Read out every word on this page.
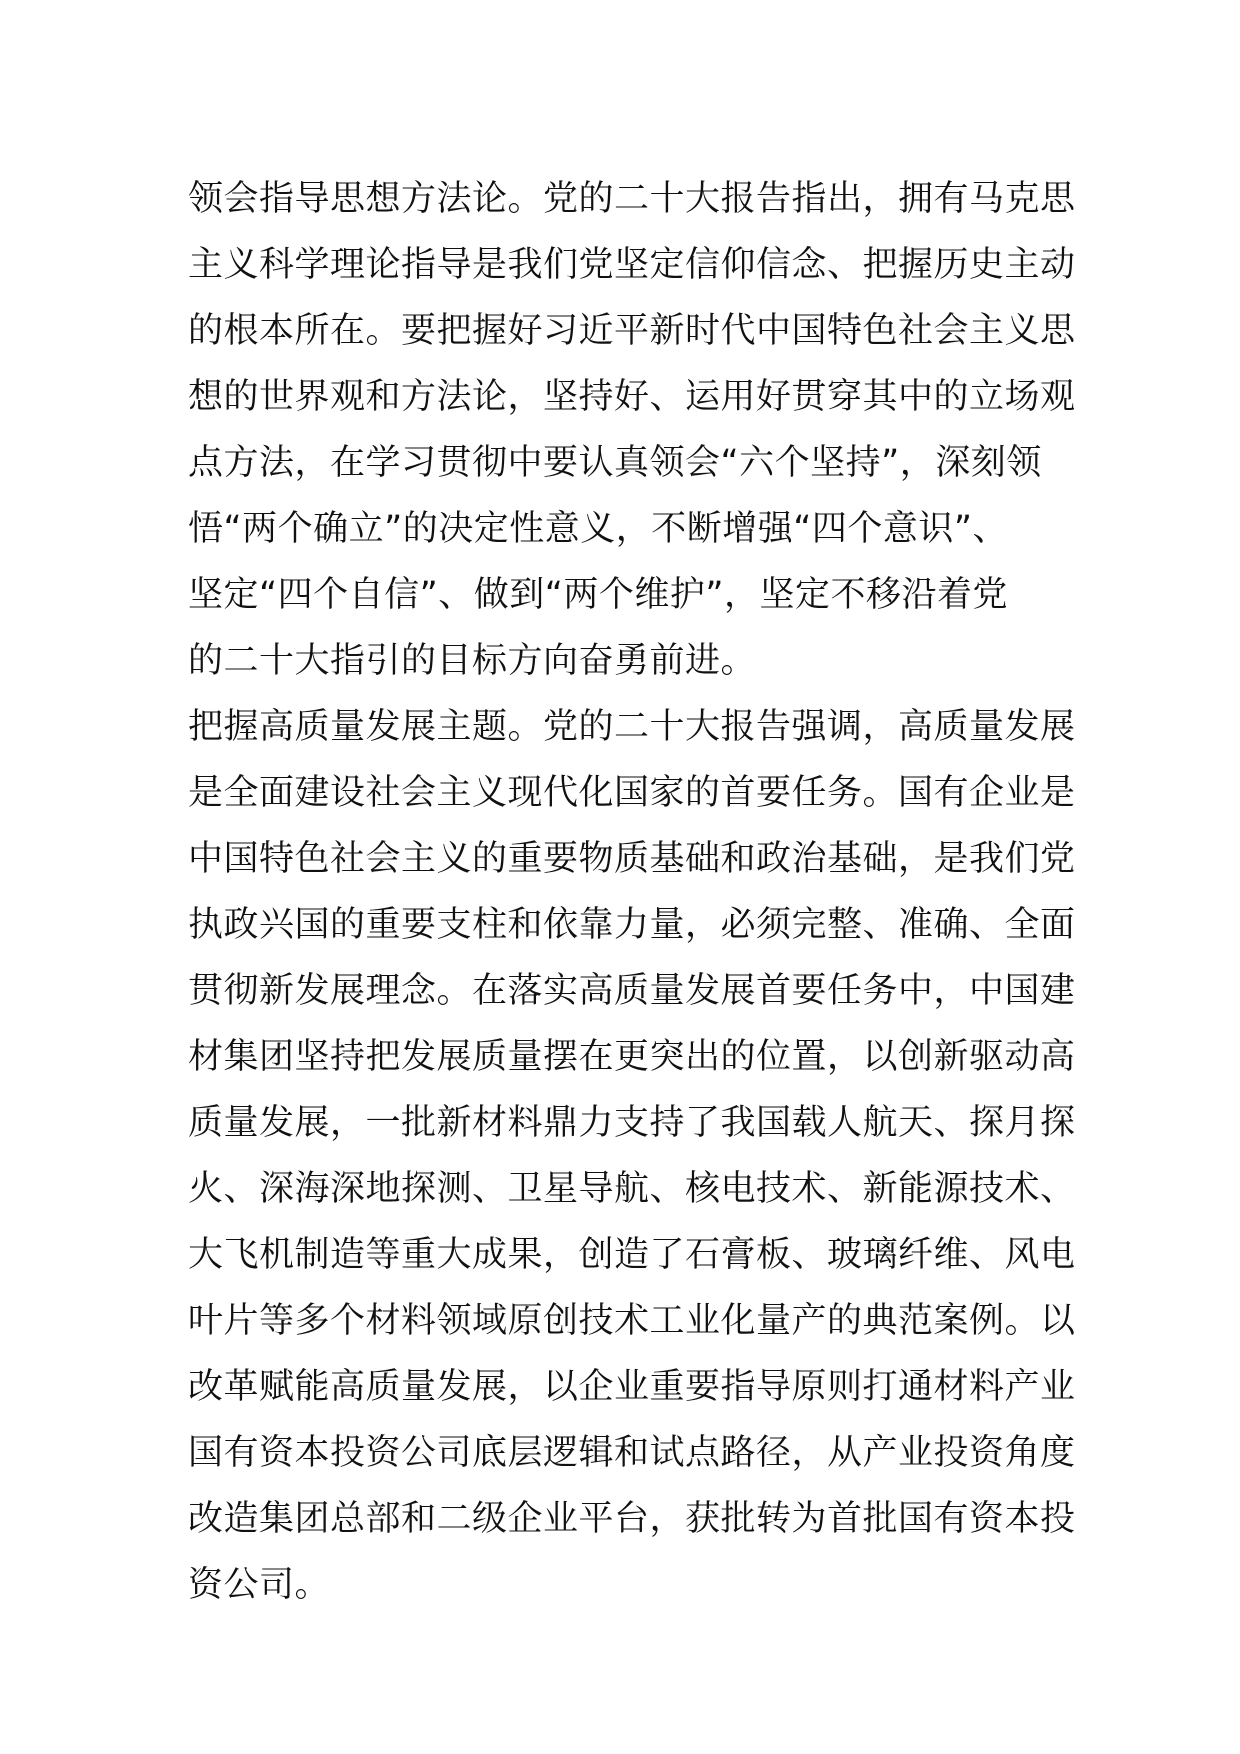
领会指导思想方法论。党的二十大报告指出，拥有马克思
主义科学理论指导是我们党坚定信仰信念、把握历史主动
的根本所在。要把握好习近平新时代中国特色社会主义思
想的世界观和方法论，坚持好、运用好贯穿其中的立场观
点方法，在学习贯彻中要认真领会“六个坚持”，深刻领
悟“两个确立”的决定性意义，不断增强“四个意识”、
坚定“四个自信”、做到“两个维护”，坚定不移沿着党
的二十大指引的目标方向奋勇前进。
把握高质量发展主题。党的二十大报告强调，高质量发展
是全面建设社会主义现代化国家的首要任务。国有企业是
中国特色社会主义的重要物质基础和政治基础，是我们党
执政兴国的重要支柱和依靠力量，必须完整、准确、全面
贯彻新发展理念。在落实高质量发展首要任务中，中国建
材集团坚持把发展质量摆在更突出的位置，以创新驱动高
质量发展，一批新材料鼎力支持了我国载人航天、探月探
火、深海深地探测、卫星导航、核电技术、新能源技术、
大飞机制造等重大成果，创造了石膏板、玻璃纤维、风电
叶片等多个材料领域原创技术工业化量产的典范案例。以
改革赋能高质量发展，以企业重要指导原则打通材料产业
国有资本投资公司底层逻辑和试点路径，从产业投资角度
改造集团总部和二级企业平台，获批转为首批国有资本投
资公司。
